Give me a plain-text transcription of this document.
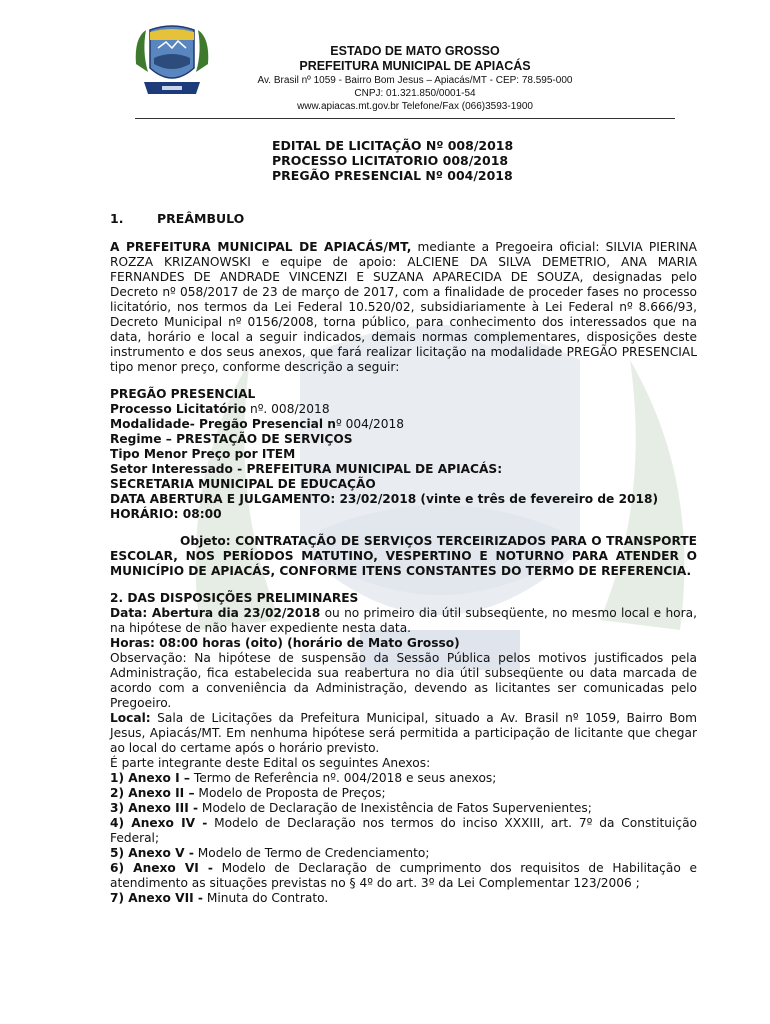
ESTADO DE MATO GROSSO
PREFEITURA MUNICIPAL DE APIACÁS
Av. Brasil nº 1059 - Bairro Bom Jesus – Apiacás/MT - CEP: 78.595-000
CNPJ: 01.321.850/0001-54
www.apiacas.mt.gov.br Telefone/Fax (066)3593-1900
EDITAL DE LICITAÇÃO Nº 008/2018
PROCESSO LICITATORIO 008/2018
PREGÃO PRESENCIAL Nº 004/2018
1.	PREÂMBULO

A PREFEITURA MUNICIPAL DE APIACÁS/MT, mediante a Pregoeira oficial: SILVIA PIERINA ROZZA KRIZANOWSKI e equipe de apoio: ALCIENE DA SILVA DEMETRIO, ANA MARIA FERNANDES DE ANDRADE VINCENZI E SUZANA APARECIDA DE SOUZA, designadas pelo Decreto nº 058/2017 de 23 de março de 2017, com a finalidade de proceder fases no processo licitatório, nos termos da Lei Federal 10.520/02, subsidiariamente à Lei Federal nº 8.666/93, Decreto Municipal nº 0156/2008, torna público, para conhecimento dos interessados que na data, horário e local a seguir indicados, demais normas complementares, disposições deste instrumento e dos seus anexos, que fará realizar licitação na modalidade PREGÃO PRESENCIAL tipo menor preço, conforme descrição a seguir:

PREGÃO PRESENCIAL

Processo Licitatório nº. 008/2018

Modalidade- Pregão Presencial nº 004/2018

Regime – PRESTAÇÃO DE SERVIÇOS

Tipo Menor Preço por ITEM

Setor Interessado - PREFEITURA MUNICIPAL DE APIACÁS:

SECRETARIA MUNICIPAL DE EDUCAÇÃO

DATA ABERTURA E JULGAMENTO: 23/02/2018 (vinte e três de fevereiro de 2018)

HORÁRIO: 08:00

Objeto: CONTRATAÇÃO DE SERVIÇOS TERCEIRIZADOS PARA O TRANSPORTE ESCOLAR, NOS PERÍODOS MATUTINO, VESPERTINO E NOTURNO PARA ATENDER O MUNICÍPIO DE APIACÁS, CONFORME ITENS CONSTANTES DO TERMO DE REFERENCIA.

2. DAS DISPOSIÇÕES PRELIMINARES

Data: Abertura dia 23/02/2018 ou no primeiro dia útil subseqüente, no mesmo local e hora, na hipótese de não haver expediente nesta data.

Horas: 08:00 horas (oito) (horário de Mato Grosso)

Observação: Na hipótese de suspensão da Sessão Pública pelos motivos justificados pela Administração, fica estabelecida sua reabertura no dia útil subseqüente ou data marcada de acordo com a conveniência da Administração, devendo as licitantes ser comunicadas pelo Pregoeiro.

Local: Sala de Licitações da Prefeitura Municipal, situado a Av. Brasil nº 1059, Bairro Bom Jesus, Apiacás/MT. Em nenhuma hipótese será permitida a participação de licitante que chegar ao local do certame após o horário previsto.

É parte integrante deste Edital os seguintes Anexos:

1) Anexo I – Termo de Referência nº. 004/2018 e seus anexos;

2) Anexo II – Modelo de Proposta de Preços;

3) Anexo III - Modelo de Declaração de Inexistência de Fatos Supervenientes;

4) Anexo IV - Modelo de Declaração nos termos do inciso XXXIII, art. 7º da Constituição Federal;

5) Anexo V - Modelo de Termo de Credenciamento;

6) Anexo VI - Modelo de Declaração de cumprimento dos requisitos de Habilitação e atendimento as situações previstas no § 4º do art. 3º da Lei Complementar 123/2006 ;

7) Anexo VII - Minuta do Contrato.
